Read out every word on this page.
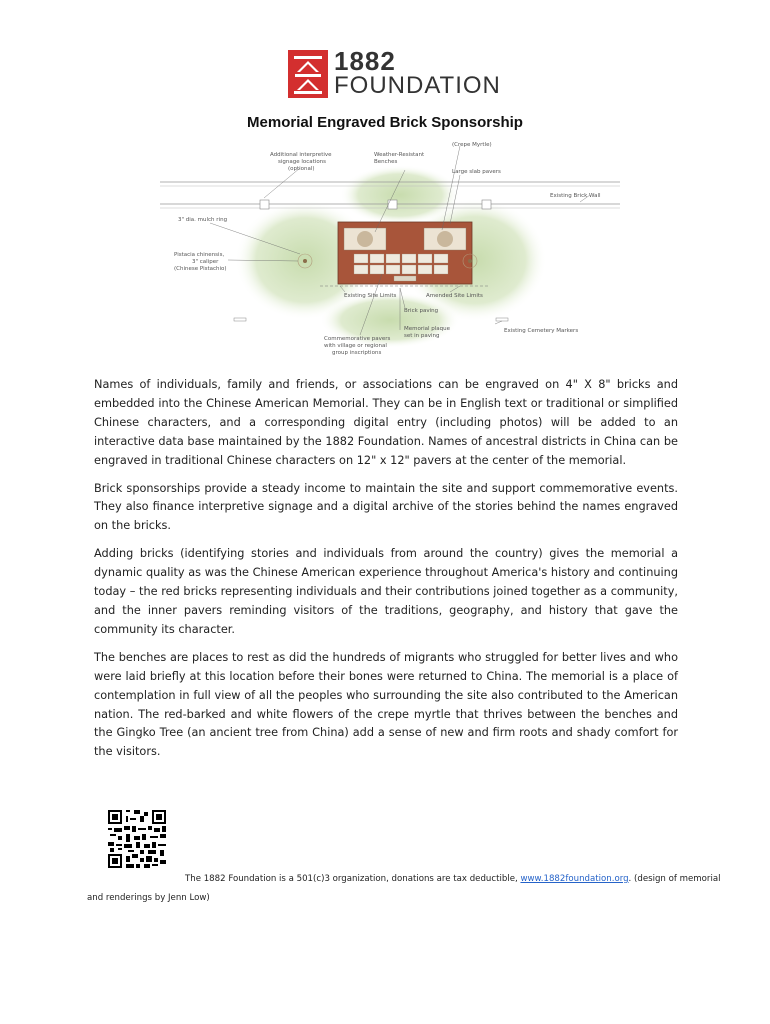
1882
FOUNDATION
Memorial Engraved Brick Sponsorship
Additional interpretive
signage locations
(optional)
Weather-Resistant
Benches
(Crepe Myrtle)
Large slab pavers
Existing Brick Wall
3" dia. mulch ring
Pistacia chinensis,
3" caliper
(Chinese Pistachio)
Existing Site Limits	Amended Site Limits
Brick paving
Memorial plaque
set in paving
Existing Cemetery Markers
Commemorative pavers
with village or regional
group inscriptions

Names of individuals, family and friends, or associations can be engraved on 4" X 8" bricks and embedded into the Chinese American Memorial. They can be in English text or traditional or simplified Chinese characters, and a corresponding digital entry (including photos) will be added to an interactive data base maintained by the 1882 Foundation. Names of ancestral districts in China can be engraved in traditional Chinese characters on 12" x 12" pavers at the center of the memorial.

Brick sponsorships provide a steady income to maintain the site and support commemorative events. They also finance interpretive signage and a digital archive of the stories behind the names engraved on the bricks.

Adding bricks (identifying stories and individuals from around the country) gives the memorial a dynamic quality as was the Chinese American experience throughout America's history and continuing today – the red bricks representing individuals and their contributions joined together as a community, and the inner pavers reminding visitors of the traditions, geography, and history that gave the community its character.

The benches are places to rest as did the hundreds of migrants who struggled for better lives and who were laid briefly at this location before their bones were returned to China. The memorial is a place of contemplation in full view of all the peoples who surrounding the site also contributed to the American nation. The red-barked and white flowers of the crepe myrtle that thrives between the benches and the Gingko Tree (an ancient tree from China) add a sense of new and firm roots and shady comfort for the visitors.

The 1882 Foundation is a 501(c)3 organization, donations are tax deductible, www.1882foundation.org. (design of memorial and renderings by Jenn Low)
